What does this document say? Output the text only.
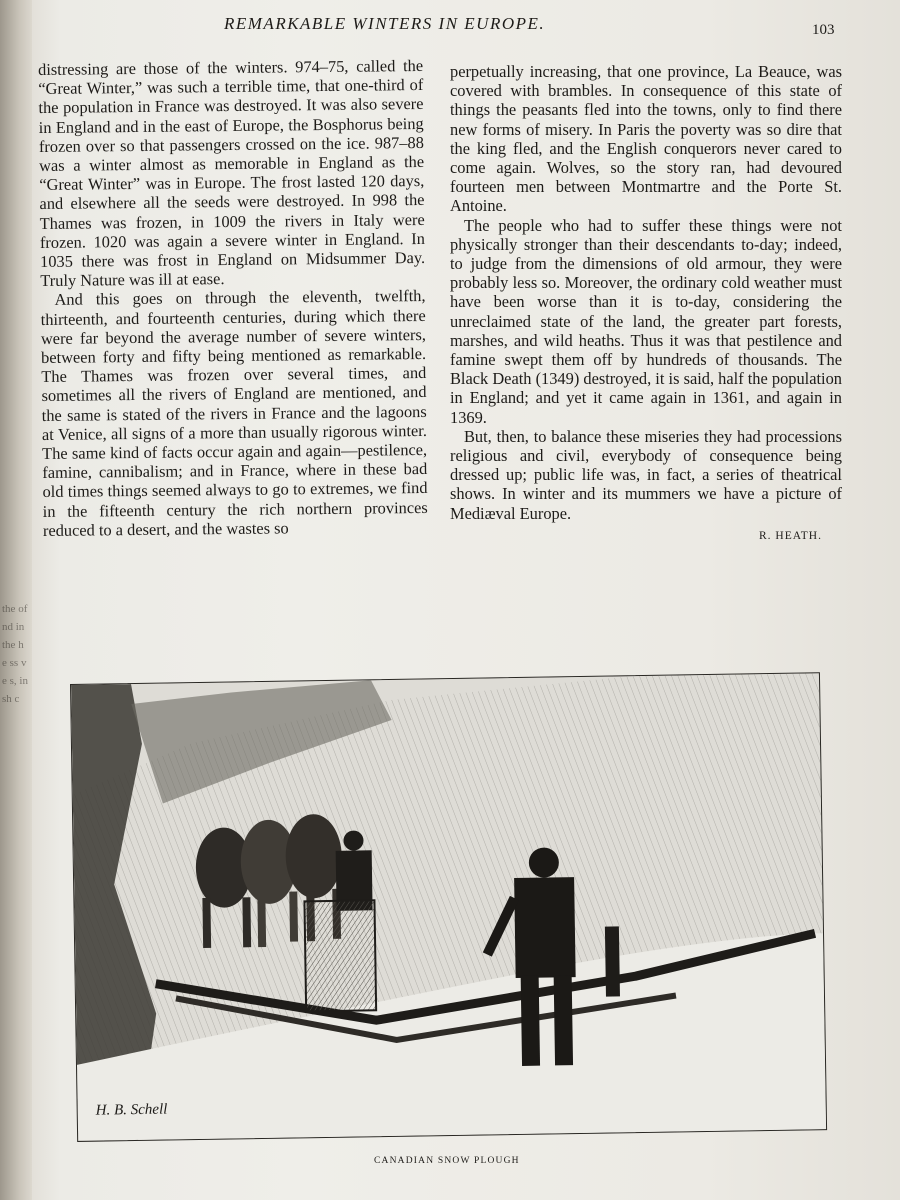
the of nd in the he ss ve s, in sh c
REMARKABLE WINTERS IN EUROPE.	103

distressing are those of the winters. 974–75, called the “Great Winter,” was such a terrible time, that one-third of the population in France was destroyed. It was also severe in England and in the east of Europe, the Bosphorus being frozen over so that passengers crossed on the ice. 987–88 was a winter almost as memorable in England as the “Great Winter” was in Europe. The frost lasted 120 days, and elsewhere all the seeds were destroyed. In 998 the Thames was frozen, in 1009 the rivers in Italy were frozen. 1020 was again a severe winter in England. In 1035 there was frost in England on Midsummer Day. Truly Nature was ill at ease.

And this goes on through the eleventh, twelfth, thirteenth, and fourteenth centuries, during which there were far beyond the average number of severe winters, between forty and fifty being mentioned as remarkable. The Thames was frozen over several times, and sometimes all the rivers of England are mentioned, and the same is stated of the rivers in France and the lagoons at Venice, all signs of a more than usually rigorous winter. The same kind of facts occur again and again—pestilence, famine, cannibalism; and in France, where in these bad old times things seemed always to go to extremes, we find in the fifteenth century the rich northern provinces reduced to a desert, and the wastes so

perpetually increasing, that one province, La Beauce, was covered with brambles. In consequence of this state of things the peasants fled into the towns, only to find there new forms of misery. In Paris the poverty was so dire that the king fled, and the English conquerors never cared to come again. Wolves, so the story ran, had devoured fourteen men between Montmartre and the Porte St. Antoine.

The people who had to suffer these things were not physically stronger than their descendants to-day; indeed, to judge from the dimensions of old armour, they were probably less so. Moreover, the ordinary cold weather must have been worse than it is to-day, considering the unreclaimed state of the land, the greater part forests, marshes, and wild heaths. Thus it was that pestilence and famine swept them off by hundreds of thousands. The Black Death (1349) destroyed, it is said, half the population in England; and yet it came again in 1361, and again in 1369.

But, then, to balance these miseries they had processions religious and civil, everybody of consequence being dressed up; public life was, in fact, a series of theatrical shows. In winter and its mummers we have a picture of Mediæval Europe.

R. HEATH.
H. B. Schell
CANADIAN SNOW PLOUGH
